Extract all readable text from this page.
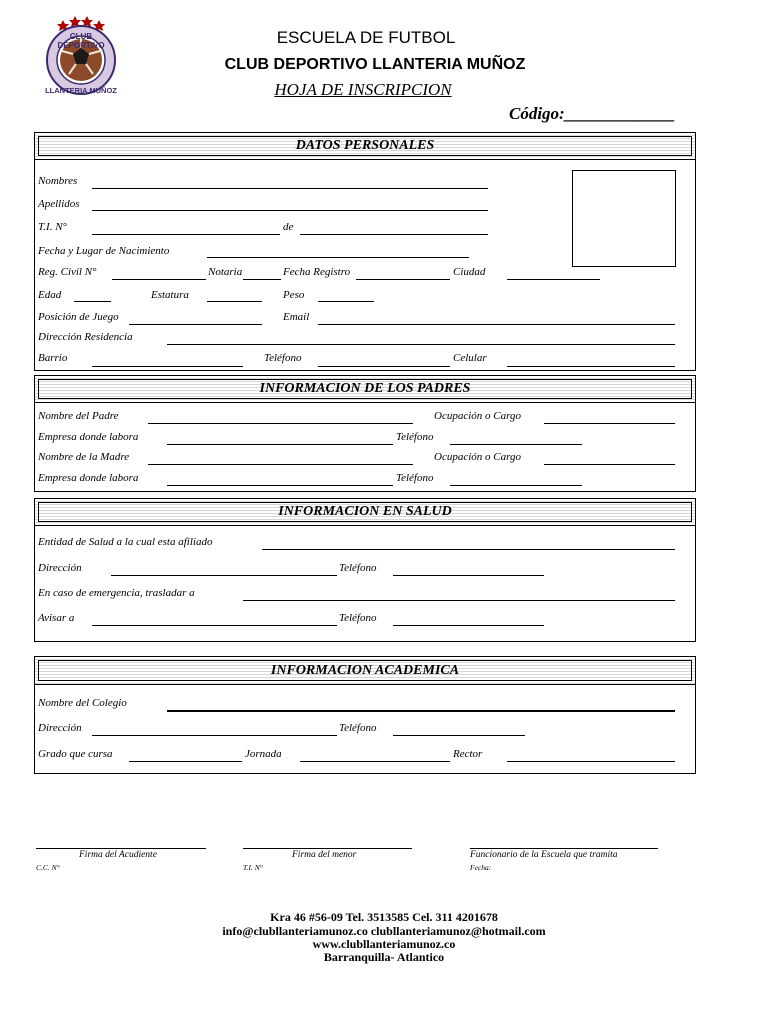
CLUB DEPORTIVO
LLANTERIA MUÑOZ
ESCUELA DE FUTBOL
CLUB DEPORTIVO LLANTERIA MUÑOZ
HOJA DE INSCRIPCION
Código:_____________
DATOS PERSONALES
Nombres
Apellidos
T.I. N°	de
Fecha y Lugar de Nacimiento
Reg. Civil N°	Notaria	Fecha Registro	Ciudad
Edad	Estatura	Peso
Posición de Juego	Email
Dirección Residencia
Barrio	Teléfono	Celular
INFORMACION DE LOS PADRES
Nombre del Padre	Ocupación o Cargo
Empresa donde labora	Teléfono
Nombre de la Madre	Ocupación o Cargo
Empresa donde labora	Teléfono
INFORMACION EN SALUD
Entidad de Salud a la cual esta afiliado
Dirección	Teléfono
En caso de emergencia, trasladar a
Avisar a	Teléfono
INFORMACION ACADEMICA
Nombre del Colegio
Dirección	Teléfono
Grado que cursa	Jornada	Rector
Firma del Acudiente
C.C. N°
Firma del menor
T.I. N°
Funcionario de la Escuela que tramita
Fecha:
Kra 46 #56-09 Tel. 3513585 Cel. 311 4201678
info@clubllanteriamunoz.co clubllanteriamunoz@hotmail.com
www.clubllanteriamunoz.co
Barranquilla- Atlantico
